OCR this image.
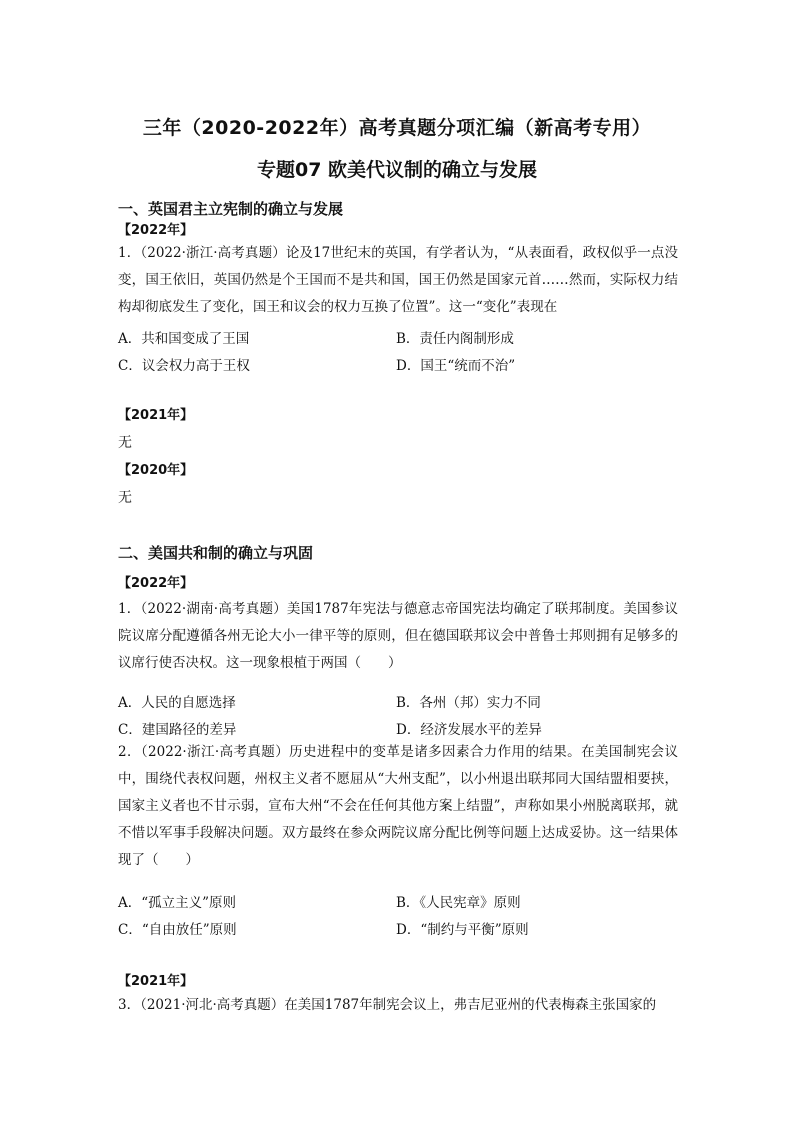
三年（2020-2022年）高考真题分项汇编（新高考专用）
专题07 欧美代议制的确立与发展
一、英国君主立宪制的确立与发展
【2022年】
1．（2022·浙江·高考真题）论及17世纪末的英国，有学者认为，“从表面看，政权似乎一点没变，国王依旧，英国仍然是个王国而不是共和国，国王仍然是国家元首……然而，实际权力结构却彻底发生了变化，国王和议会的权力互换了位置”。这一“变化”表现在
A．共和国变成了王国	B．责任内阁制形成
C．议会权力高于王权	D．国王“统而不治”
【2021年】
无
【2020年】
无
二、美国共和制的确立与巩固
【2022年】
1．（2022·湖南·高考真题）美国1787年宪法与德意志帝国宪法均确定了联邦制度。美国参议院议席分配遵循各州无论大小一律平等的原则，但在德国联邦议会中普鲁士邦则拥有足够多的议席行使否决权。这一现象根植于两国（　　）
A．人民的自愿选择	B．各州（邦）实力不同
C．建国路径的差异	D．经济发展水平的差异
2．（2022·浙江·高考真题）历史进程中的变革是诸多因素合力作用的结果。在美国制宪会议中，围绕代表权问题，州权主义者不愿屈从“大州支配”，以小州退出联邦同大国结盟相要挟，国家主义者也不甘示弱，宣布大州“不会在任何其他方案上结盟”，声称如果小州脱离联邦，就不惜以军事手段解决问题。双方最终在参众两院议席分配比例等问题上达成妥协。这一结果体现了（　　）
A．“孤立主义”原则	B．《人民宪章》原则
C．“自由放任”原则	D．“制约与平衡”原则
【2021年】
3．（2021·河北·高考真题）在美国1787年制宪会议上，弗吉尼亚州的代表梅森主张国家的
